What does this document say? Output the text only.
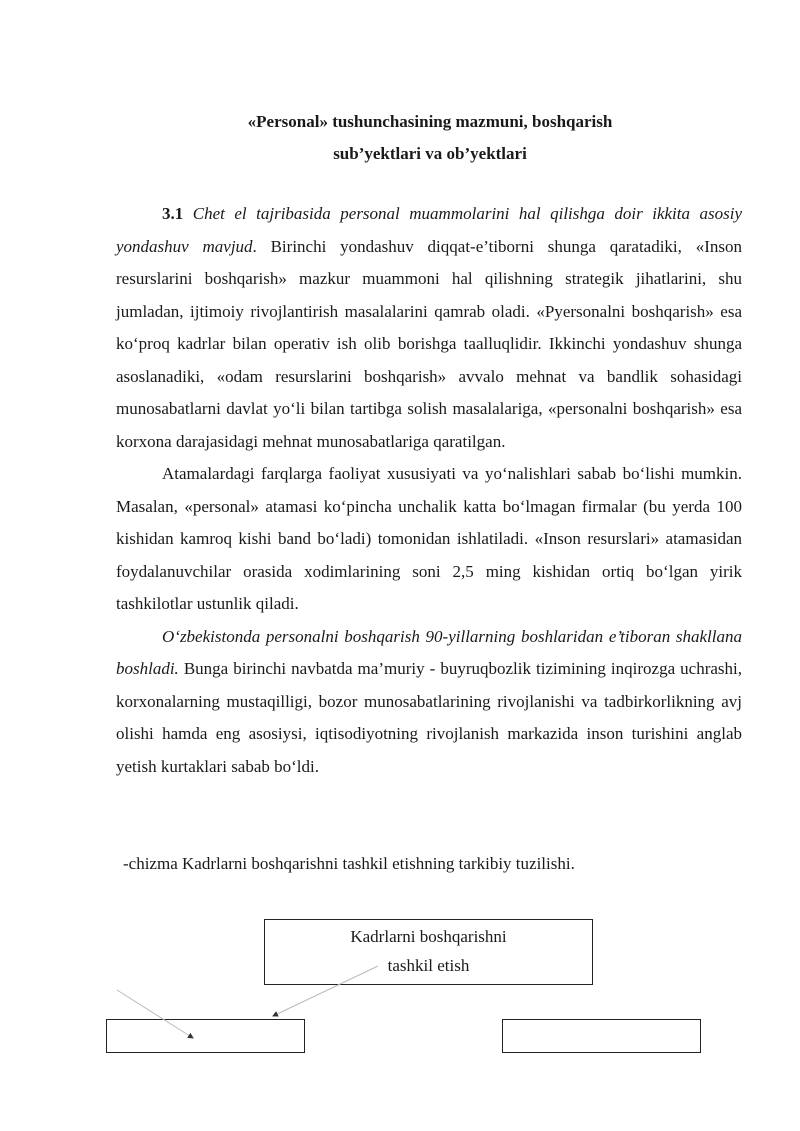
«Personal» tushunchasining mazmuni, boshqarish
sub’yektlari va ob’yektlari

3.1 Chet el tajribasida personal muammolarini hal qilishga doir ikkita asosiy yondashuv mavjud. Birinchi yondashuv diqqat-e’tiborni shunga qaratadiki, «Inson resurslarini boshqarish» mazkur muammoni hal qilishning strategik jihatlarini, shu jumladan, ijtimoiy rivojlantirish masalalarini qamrab oladi. «Pyersonalni boshqarish» esa ko‘proq kadrlar bilan operativ ish olib borishga taalluqlidir. Ikkinchi yondashuv shunga asoslanadiki, «odam resurslarini boshqarish» avvalo mehnat va bandlik sohasidagi munosabatlarni davlat yo‘li bilan tartibga solish masalalariga, «personalni boshqarish» esa korxona darajasidagi mehnat munosabatlariga qaratilgan.

Atamalardagi farqlarga faoliyat xususiyati va yo‘nalishlari sabab bo‘lishi mumkin. Masalan, «personal» atamasi ko‘pincha unchalik katta bo‘lmagan firmalar (bu yerda 100 kishidan kamroq kishi band bo‘ladi) tomonidan ishlatiladi. «Inson resurslari» atamasidan foydalanuvchilar orasida xodimlarining soni 2,5 ming kishidan ortiq bo‘lgan yirik tashkilotlar ustunlik qiladi.

O‘zbekistonda personalni boshqarish 90-yillarning boshlaridan e’tiboran shakllana boshladi. Bunga birinchi navbatda ma’muriy - buyruqbozlik tizimining inqirozga uchrashi, korxonalarning mustaqilligi, bozor munosabatlarining rivojlanishi va tadbirkorlikning avj olishi hamda eng asosiysi, iqtisodiyotning rivojlanish markazida inson turishini anglab yetish kurtaklari sabab bo‘ldi.

-chizma Kadrlarni boshqarishni tashkil etishning tarkibiy tuzilishi.
Kadrlarni boshqarishni
tashkil etish
